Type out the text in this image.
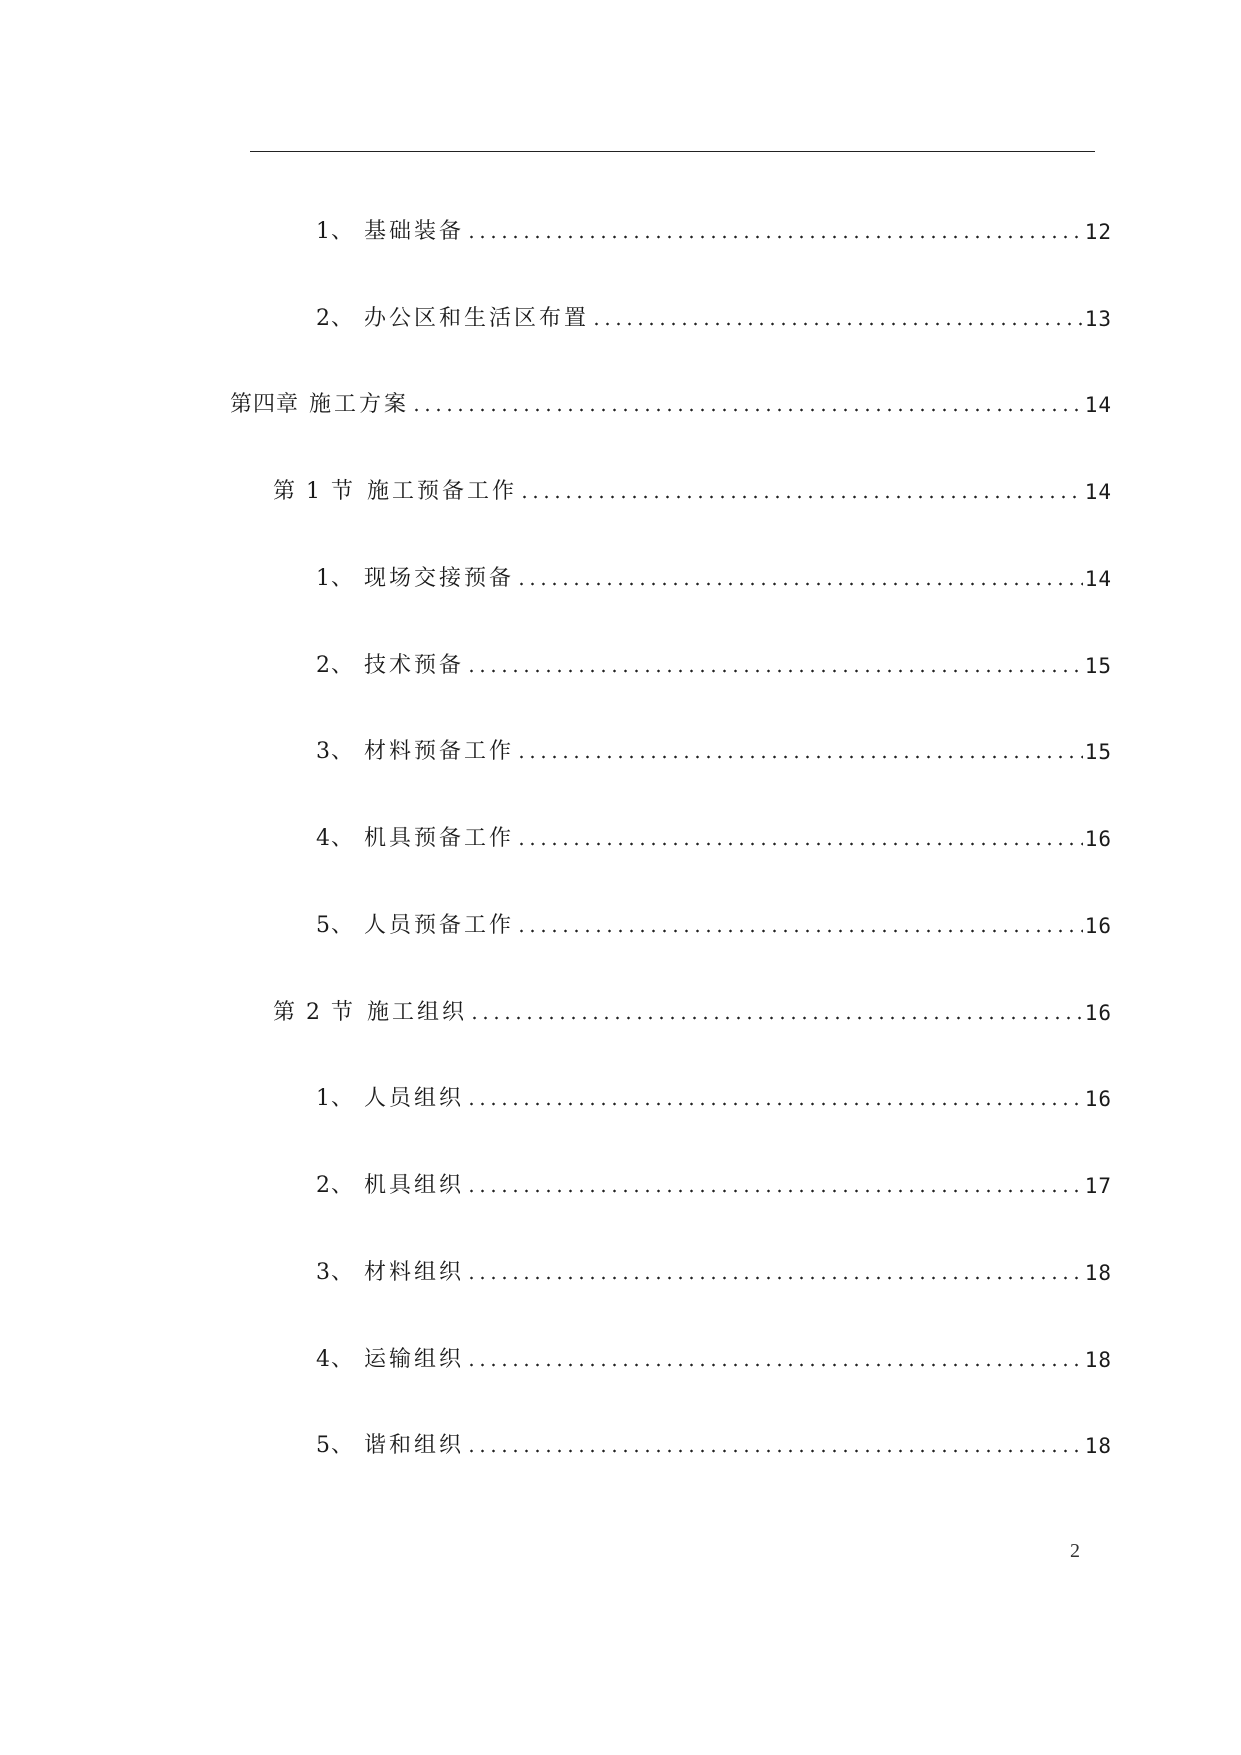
1、 基础装备	12
2、 办公区和生活区布置	13
第四章 施工方案	14
第 1 节 施工预备工作	14
1、 现场交接预备	14
2、 技术预备	15
3、 材料预备工作	15
4、 机具预备工作	16
5、 人员预备工作	16
第 2 节 施工组织	16
1、 人员组织	16
2、 机具组织	17
3、 材料组织	18
4、 运输组织	18
5、 谐和组织	18
2
